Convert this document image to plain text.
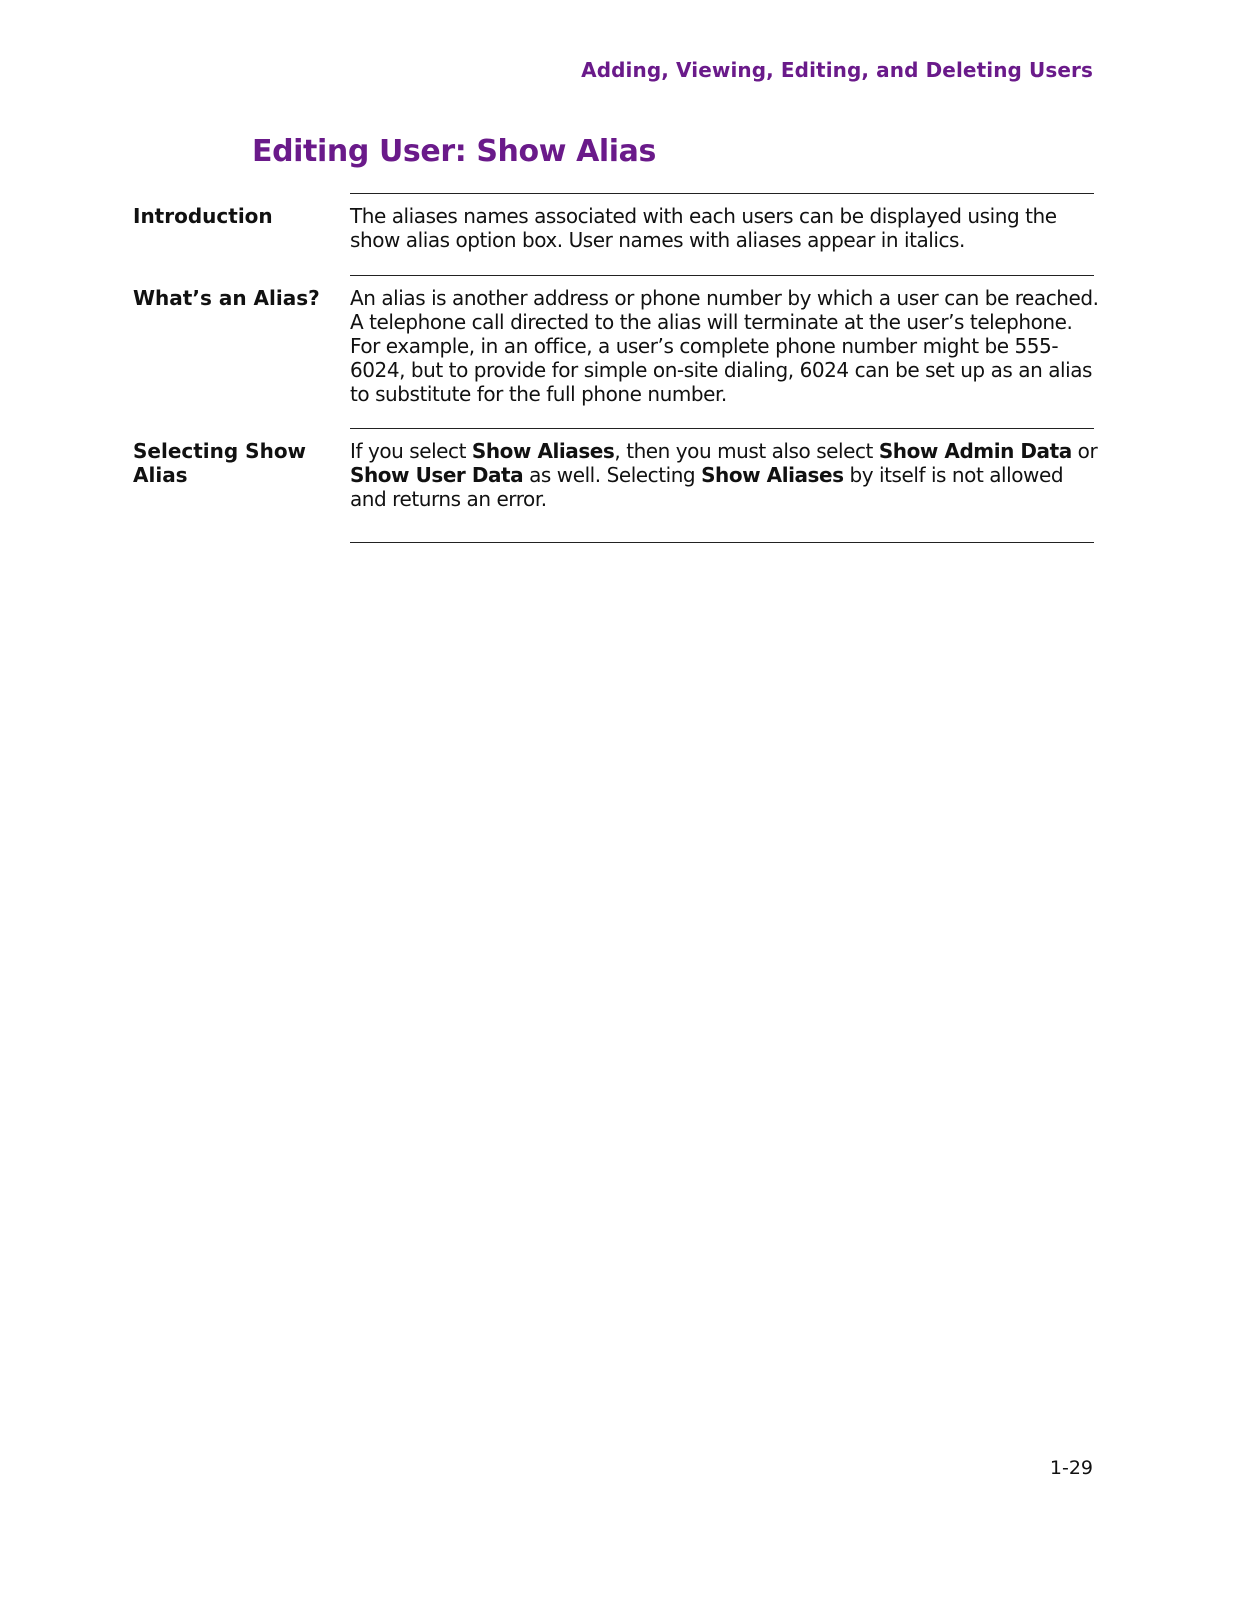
Adding, Viewing, Editing, and Deleting Users
Editing User: Show Alias
Introduction	The aliases names associated with each users can be displayed using the show alias option box. User names with aliases appear in italics.
What’s an Alias?	An alias is another address or phone number by which a user can be reached. A telephone call directed to the alias will terminate at the user’s telephone. For example, in an office, a user’s complete phone number might be 555-6024, but to provide for simple on-site dialing, 6024 can be set up as an alias to substitute for the full phone number.
Selecting Show Alias
If you select Show Aliases, then you must also select Show Admin Data or Show User Data as well. Selecting Show Aliases by itself is not allowed and returns an error.
1-29
